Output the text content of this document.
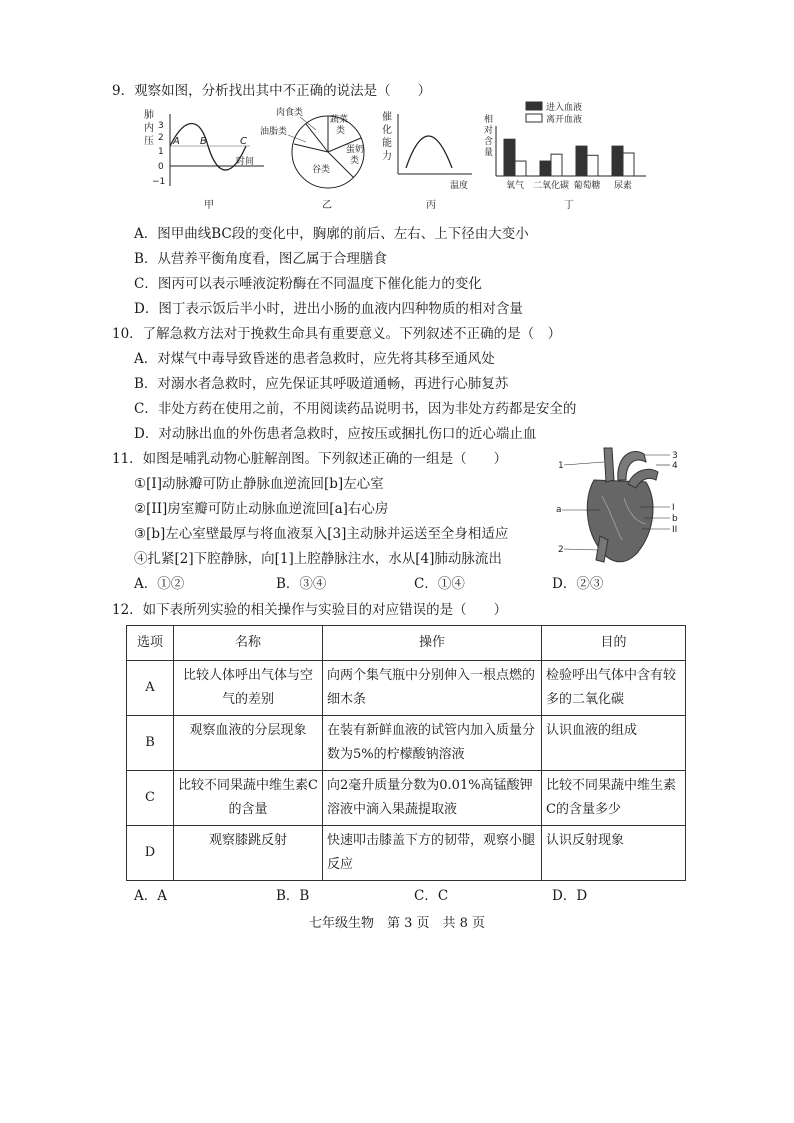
9．观察如图，分析找出其中不正确的说法是（　　）
肺
内
压
3
2
1
0
−1
A B	C
时间
甲
肉食类
蔬菜
类
油脂类
蛋奶
类
谷类
乙
催
化
能
力
温度
丙
相
对
含
量
进入血液
离开血液
氧气 二氧化碳 葡萄糖 尿素
丁
A．图甲曲线BC段的变化中，胸廓的前后、左右、上下径由大变小
B．从营养平衡角度看，图乙属于合理膳食
C．图丙可以表示唾液淀粉酶在不同温度下催化能力的变化
D．图丁表示饭后半小时，进出小肠的血液内四种物质的相对含量
10．了解急救方法对于挽救生命具有重要意义。下列叙述不正确的是（　）
A．对煤气中毒导致昏迷的患者急救时，应先将其移至通风处
B．对溺水者急救时，应先保证其呼吸道通畅，再进行心肺复苏
C．非处方药在使用之前，不用阅读药品说明书，因为非处方药都是安全的
D．对动脉出血的外伤患者急救时，应按压或捆扎伤口的近心端止血
11．如图是哺乳动物心脏解剖图。下列叙述正确的一组是（　　）
①[I]动脉瓣可防止静脉血逆流回[b]左心室
②[II]房室瓣可防止动脉血逆流回[a]右心房
③[b]左心室壁最厚与将血液泵入[3]主动脉并运送至全身相适应
④扎紧[2]下腔静脉，向[1]上腔静脉注水，水从[4]肺动脉流出
A．①②	B．③④	C．①④	D．②③
1
2
3
4
a	I
b
II
12．如下表所列实验的相关操作与实验目的对应错误的是（　　）
选项	名称	操作	目的
A	比较人体呼出气体与空气的差别	向两个集气瓶中分别伸入一根点燃的细木条	检验呼出气体中含有较多的二氧化碳
B	观察血液的分层现象	在装有新鲜血液的试管内加入质量分数为5%的柠檬酸钠溶液	认识血液的组成
C	比较不同果蔬中维生素C的含量	向2毫升质量分数为0.01%高锰酸钾溶液中滴入果蔬提取液	比较不同果蔬中维生素C的含量多少
D	观察膝跳反射	快速叩击膝盖下方的韧带，观察小腿反应	认识反射现象
A．A	B．B	C．C	D．D
七年级生物　第 3 页　共 8 页
